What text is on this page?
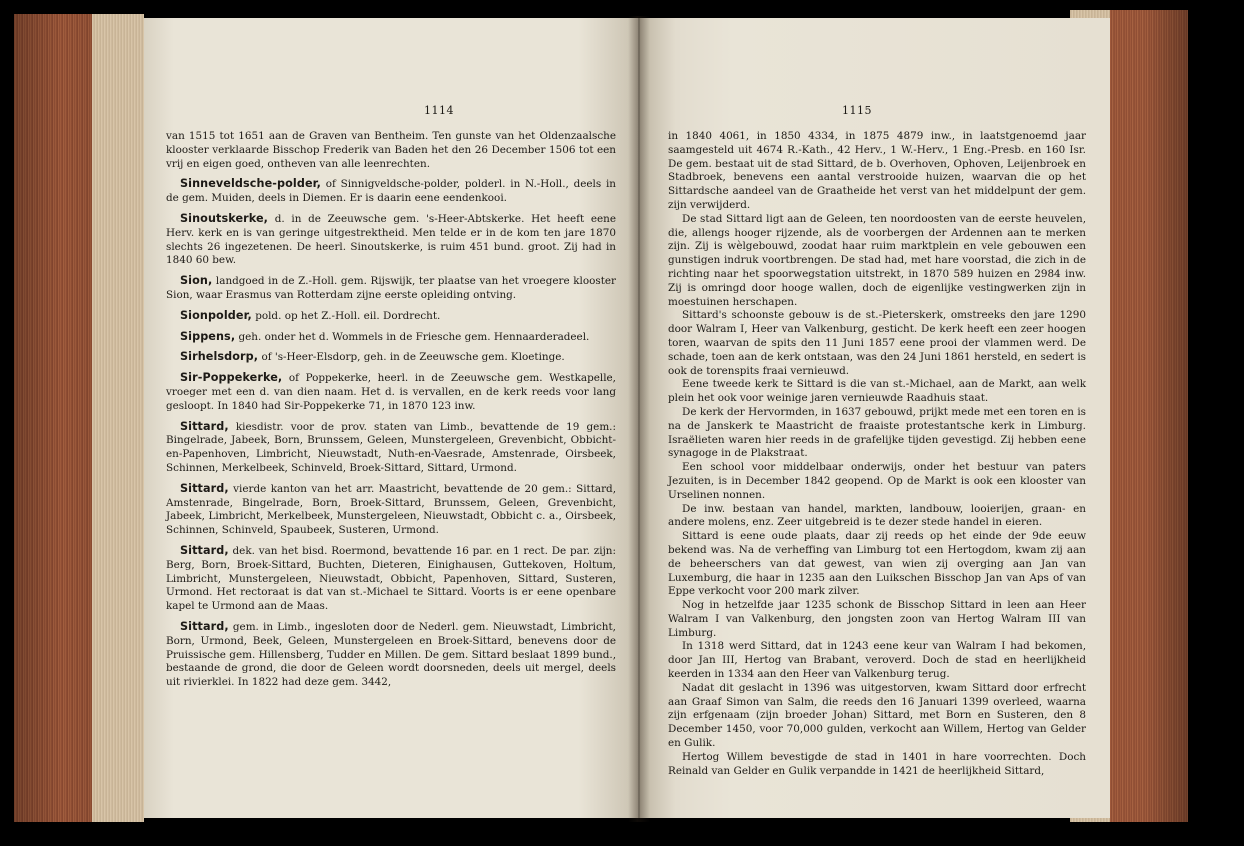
1114

van 1515 tot 1651 aan de Graven van Bentheim. Ten gunste van het Oldenzaalsche klooster verklaarde Bisschop Frederik van Baden het den 26 December 1506 tot een vrij en eigen goed, ontheven van alle leenrechten.

Sinneveldsche-polder, of Sinnigveldsche-polder, polderl. in N.-Holl., deels in de gem. Muiden, deels in Diemen. Er is daarin eene eendenkooi.

Sinoutskerke, d. in de Zeeuwsche gem. 's-Heer-Abtskerke. Het heeft eene Herv. kerk en is van geringe uitgestrektheid. Men telde er in de kom ten jare 1870 slechts 26 ingezetenen. De heerl. Sinoutskerke, is ruim 451 bund. groot. Zij had in 1840 60 bew.

Sion, landgoed in de Z.-Holl. gem. Rijswijk, ter plaatse van het vroegere klooster Sion, waar Erasmus van Rotterdam zijne eerste opleiding ontving.

Sionpolder, pold. op het Z.-Holl. eil. Dordrecht.

Sippens, geh. onder het d. Wommels in de Friesche gem. Hennaarderadeel.

Sirhelsdorp, of 's-Heer-Elsdorp, geh. in de Zeeuwsche gem. Kloetinge.

Sir-Poppekerke, of Poppekerke, heerl. in de Zeeuwsche gem. Westkapelle, vroeger met een d. van dien naam. Het d. is vervallen, en de kerk reeds voor lang gesloopt. In 1840 had Sir-Poppekerke 71, in 1870 123 inw.

Sittard, kiesdistr. voor de prov. staten van Limb., bevattende de 19 gem.: Bingelrade, Jabeek, Born, Brunssem, Geleen, Munstergeleen, Grevenbicht, Obbicht-en-Papenhoven, Limbricht, Nieuwstadt, Nuth-en-Vaesrade, Amstenrade, Oirsbeek, Schinnen, Merkelbeek, Schinveld, Broek-Sittard, Sittard, Urmond.

Sittard, vierde kanton van het arr. Maastricht, bevattende de 20 gem.: Sittard, Amstenrade, Bingelrade, Born, Broek-Sittard, Brunssem, Geleen, Grevenbicht, Jabeek, Limbricht, Merkelbeek, Munstergeleen, Nieuwstadt, Obbicht c. a., Oirsbeek, Schinnen, Schinveld, Spaubeek, Susteren, Urmond.

Sittard, dek. van het bisd. Roermond, bevattende 16 par. en 1 rect. De par. zijn: Berg, Born, Broek-Sittard, Buchten, Dieteren, Einighausen, Guttekoven, Holtum, Limbricht, Munstergeleen, Nieuwstadt, Obbicht, Papenhoven, Sittard, Susteren, Urmond. Het rectoraat is dat van st.-Michael te Sittard. Voorts is er eene openbare kapel te Urmond aan de Maas.

Sittard, gem. in Limb., ingesloten door de Nederl. gem. Nieuwstadt, Limbricht, Born, Urmond, Beek, Geleen, Munstergeleen en Broek-Sittard, benevens door de Pruissische gem. Hillensberg, Tudder en Millen. De gem. Sittard beslaat 1899 bund., bestaande de grond, die door de Geleen wordt doorsneden, deels uit mergel, deels uit rivierklei. In 1822 had deze gem. 3442,

1115

in 1840 4061, in 1850 4334, in 1875 4879 inw., in laatstgenoemd jaar saamgesteld uit 4674 R.-Kath., 42 Herv., 1 W.-Herv., 1 Eng.-Presb. en 160 Isr. De gem. bestaat uit de stad Sittard, de b. Overhoven, Ophoven, Leijenbroek en Stadbroek, benevens een aantal verstrooide huizen, waarvan die op het Sittardsche aandeel van de Graatheide het verst van het middelpunt der gem. zijn verwijderd.

De stad Sittard ligt aan de Geleen, ten noordoosten van de eerste heuvelen, die, allengs hooger rijzende, als de voorbergen der Ardennen aan te merken zijn. Zij is wèlgebouwd, zoodat haar ruim marktplein en vele gebouwen een gunstigen indruk voortbrengen. De stad had, met hare voorstad, die zich in de richting naar het spoorwegstation uitstrekt, in 1870 589 huizen en 2984 inw. Zij is omringd door hooge wallen, doch de eigenlijke vestingwerken zijn in moestuinen herschapen.

Sittard's schoonste gebouw is de st.-Pieterskerk, omstreeks den jare 1290 door Walram I, Heer van Valkenburg, gesticht. De kerk heeft een zeer hoogen toren, waarvan de spits den 11 Juni 1857 eene prooi der vlammen werd. De schade, toen aan de kerk ontstaan, was den 24 Juni 1861 hersteld, en sedert is ook de torenspits fraai vernieuwd.

Eene tweede kerk te Sittard is die van st.-Michael, aan de Markt, aan welk plein het ook voor weinige jaren vernieuwde Raadhuis staat.

De kerk der Hervormden, in 1637 gebouwd, prijkt mede met een toren en is na de Janskerk te Maastricht de fraaiste protestantsche kerk in Limburg. Israëlieten waren hier reeds in de grafelijke tijden gevestigd. Zij hebben eene synagoge in de Plakstraat.

Een school voor middelbaar onderwijs, onder het bestuur van paters Jezuiten, is in December 1842 geopend. Op de Markt is ook een klooster van Urselinen nonnen.

De inw. bestaan van handel, markten, landbouw, looierijen, graan- en andere molens, enz. Zeer uitgebreid is te dezer stede handel in eieren.

Sittard is eene oude plaats, daar zij reeds op het einde der 9de eeuw bekend was. Na de verheffing van Limburg tot een Hertogdom, kwam zij aan de beheerschers van dat gewest, van wien zij overging aan Jan van Luxemburg, die haar in 1235 aan den Luikschen Bisschop Jan van Aps of van Eppe verkocht voor 200 mark zilver.

Nog in hetzelfde jaar 1235 schonk de Bisschop Sittard in leen aan Heer Walram I van Valkenburg, den jongsten zoon van Hertog Walram III van Limburg.

In 1318 werd Sittard, dat in 1243 eene keur van Walram I had bekomen, door Jan III, Hertog van Brabant, veroverd. Doch de stad en heerlijkheid keerden in 1334 aan den Heer van Valkenburg terug.

Nadat dit geslacht in 1396 was uitgestorven, kwam Sittard door erfrecht aan Graaf Simon van Salm, die reeds den 16 Januari 1399 overleed, waarna zijn erfgenaam (zijn broeder Johan) Sittard, met Born en Susteren, den 8 December 1450, voor 70,000 gulden, verkocht aan Willem, Hertog van Gelder en Gulik.

Hertog Willem bevestigde de stad in 1401 in hare voorrechten. Doch Reinald van Gelder en Gulik verpandde in 1421 de heerlijkheid Sittard,
